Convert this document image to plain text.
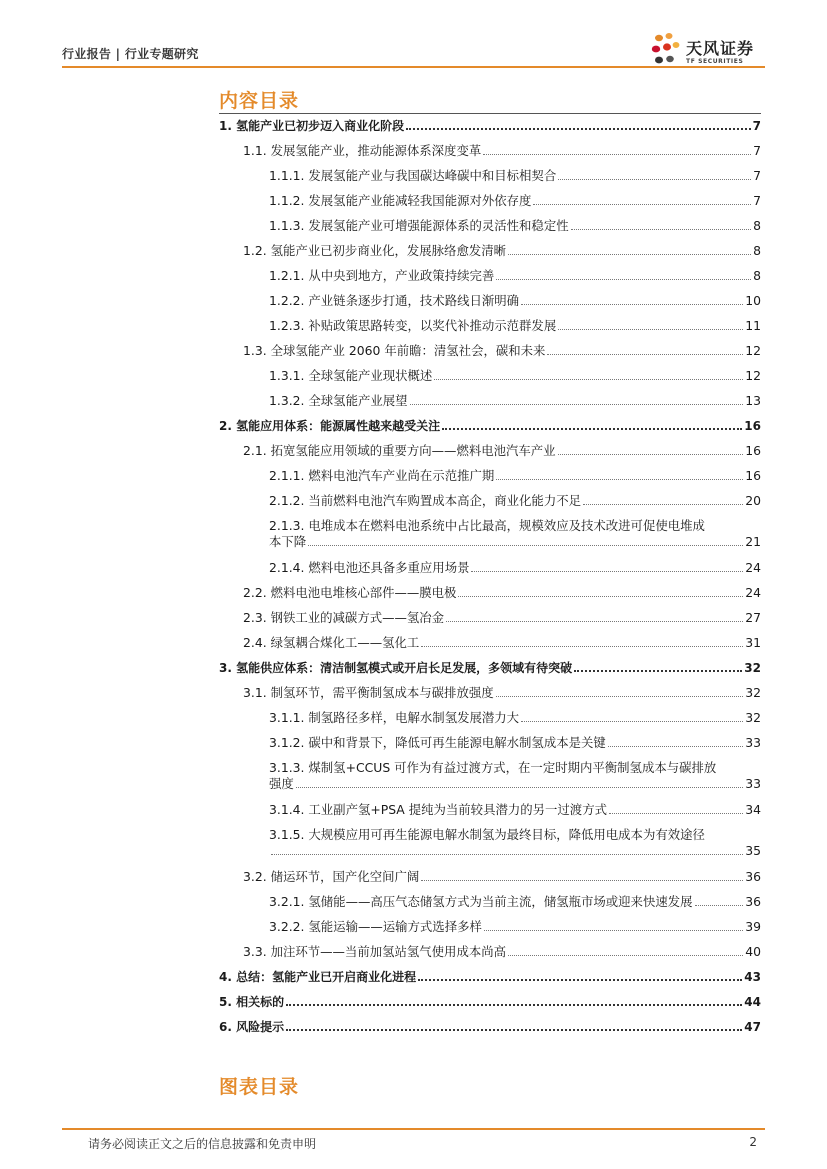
行业报告 | 行业专题研究	天风证券
TF SECURITIES
内容目录
1. 氢能产业已初步迈入商业化阶段	7
1.1. 发展氢能产业，推动能源体系深度变革	7
1.1.1. 发展氢能产业与我国碳达峰碳中和目标相契合	7
1.1.2. 发展氢能产业能减轻我国能源对外依存度	7
1.1.3. 发展氢能产业可增强能源体系的灵活性和稳定性	8
1.2. 氢能产业已初步商业化，发展脉络愈发清晰	8
1.2.1. 从中央到地方，产业政策持续完善	8
1.2.2. 产业链条逐步打通，技术路线日渐明确	10
1.2.3. 补贴政策思路转变，以奖代补推动示范群发展	11
1.3. 全球氢能产业 2060 年前瞻：清氢社会，碳和未来	12
1.3.1. 全球氢能产业现状概述	12
1.3.2. 全球氢能产业展望	13
2. 氢能应用体系：能源属性越来越受关注	16
2.1. 拓宽氢能应用领域的重要方向——燃料电池汽车产业	16
2.1.1. 燃料电池汽车产业尚在示范推广期	16
2.1.2. 当前燃料电池汽车购置成本高企，商业化能力不足	20
2.1.3. 电堆成本在燃料电池系统中占比最高，规模效应及技术改进可促使电堆成
本下降	21
2.1.4. 燃料电池还具备多重应用场景	24
2.2. 燃料电池电堆核心部件——膜电极	24
2.3. 钢铁工业的减碳方式——氢冶金	27
2.4. 绿氢耦合煤化工——氢化工	31
3. 氢能供应体系：清洁制氢模式或开启长足发展，多领域有待突破	32
3.1. 制氢环节，需平衡制氢成本与碳排放强度	32
3.1.1. 制氢路径多样，电解水制氢发展潜力大	32
3.1.2. 碳中和背景下，降低可再生能源电解水制氢成本是关键	33
3.1.3. 煤制氢+CCUS 可作为有益过渡方式，在一定时期内平衡制氢成本与碳排放
强度	33
3.1.4. 工业副产氢+PSA 提纯为当前较具潜力的另一过渡方式	34
3.1.5. 大规模应用可再生能源电解水制氢为最终目标，降低用电成本为有效途径
35
3.2. 储运环节，国产化空间广阔	36
3.2.1. 氢储能——高压气态储氢方式为当前主流，储氢瓶市场或迎来快速发展	36
3.2.2. 氢能运输——运输方式选择多样	39
3.3. 加注环节——当前加氢站氢气使用成本尚高	40
4. 总结：氢能产业已开启商业化进程	43
5. 相关标的	44
6. 风险提示	47
图表目录
请务必阅读正文之后的信息披露和免责申明	2
